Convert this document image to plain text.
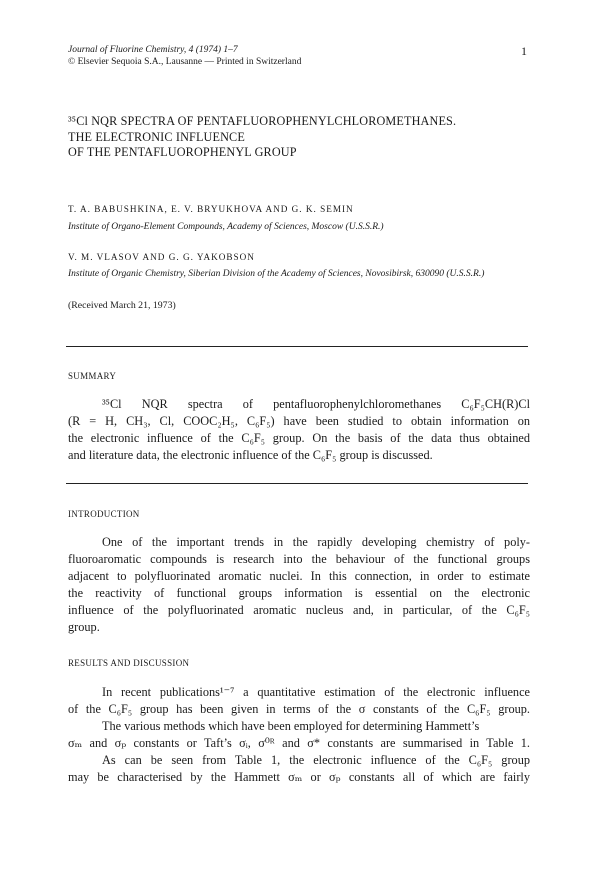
Journal of Fluorine Chemistry, 4 (1974) 1–7
© Elsevier Sequoia S.A., Lausanne — Printed in Switzerland
1
³⁵Cl NQR SPECTRA OF PENTAFLUOROPHENYLCHLOROMETHANES.
THE ELECTRONIC INFLUENCE
OF THE PENTAFLUOROPHENYL GROUP
T. A. BABUSHKINA, E. V. BRYUKHOVA AND G. K. SEMIN
Institute of Organo-Element Compounds, Academy of Sciences, Moscow (U.S.S.R.)
V. M. VLASOV AND G. G. YAKOBSON
Institute of Organic Chemistry, Siberian Division of the Academy of Sciences, Novosibirsk, 630090 (U.S.S.R.)
(Received March 21, 1973)
SUMMARY
³⁵Cl NQR spectra of pentafluorophenylchloromethanes C₆F₅CH(R)Cl
(R = H, CH₃, Cl, COOC₂H₅, C₆F₅) have been studied to obtain information on
the electronic influence of the C₆F₅ group. On the basis of the data thus obtained
and literature data, the electronic influence of the C₆F₅ group is discussed.
INTRODUCTION
One of the important trends in the rapidly developing chemistry of poly-
fluoroaromatic compounds is research into the behaviour of the functional groups
adjacent to polyfluorinated aromatic nuclei. In this connection, in order to estimate
the reactivity of functional groups information is essential on the electronic
influence of the polyfluorinated aromatic nucleus and, in particular, of the C₆F₅
group.
RESULTS AND DISCUSSION
In recent publications¹⁻⁷ a quantitative estimation of the electronic influence
of the C₆F₅ group has been given in terms of the σ constants of the C₆F₅ group.
The various methods which have been employed for determining Hammett’s
σₘ and σₚ constants or Taft’s σᵢ, σ⁰ᴿ and σ* constants are summarised in Table 1.
As can be seen from Table 1, the electronic influence of the C₆F₅ group
may be characterised by the Hammett σₘ or σₚ constants all of which are fairly
